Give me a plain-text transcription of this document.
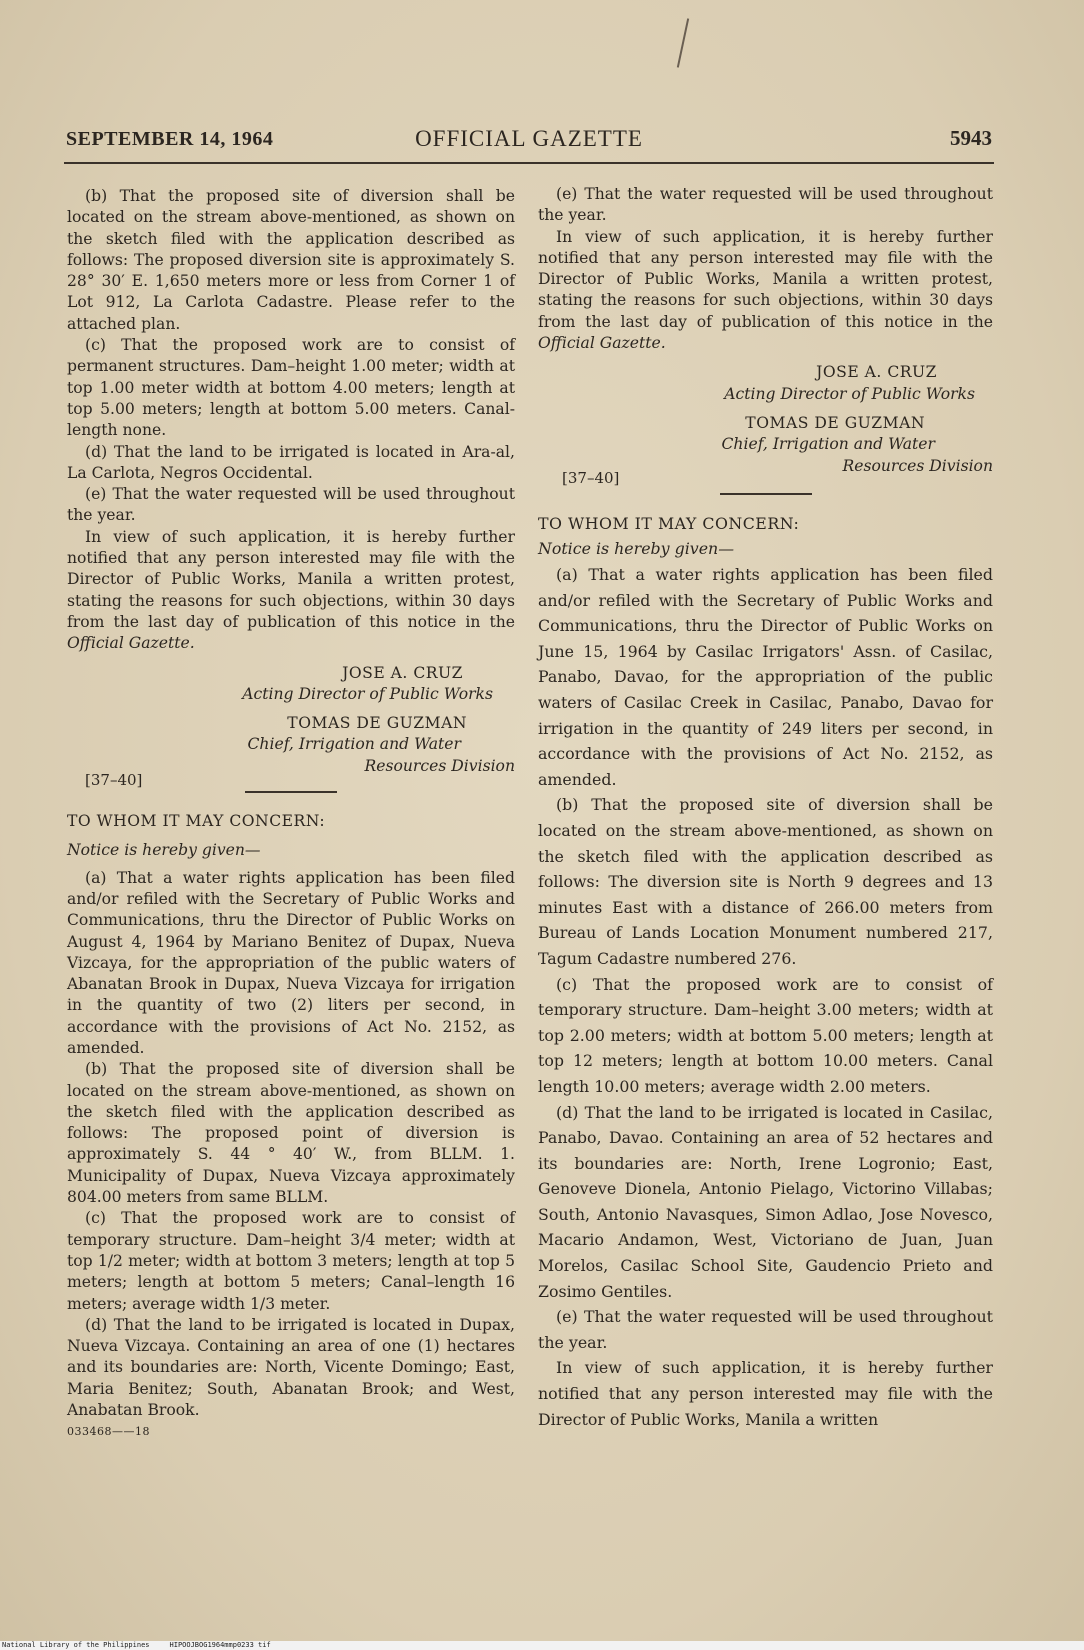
OFFICIAL GAZETTE
SEPTEMBER 14, 1964	5943

(b) That the proposed site of diversion shall be located on the stream above-mentioned, as shown on the sketch filed with the application described as follows: The proposed diversion site is approximately S. 28° 30′ E. 1,650 meters more or less from Corner 1 of Lot 912, La Carlota Cadastre. Please refer to the attached plan.

(c) That the proposed work are to consist of permanent structures. Dam–height 1.00 meter; width at top 1.00 meter width at bottom 4.00 meters; length at top 5.00 meters; length at bottom 5.00 meters. Canal-length none.

(d) That the land to be irrigated is located in Ara-al, La Carlota, Negros Occidental.

(e) That the water requested will be used throughout the year.

In view of such application, it is hereby further notified that any person interested may file with the Director of Public Works, Manila a written protest, stating the reasons for such objections, within 30 days from the last day of publication of this notice in the Official Gazette.

JOSE A. CRUZ

Acting Director of Public Works

TOMAS DE GUZMAN

Chief, Irrigation and Water

Resources Division

[37–40]

TO WHOM IT MAY CONCERN:

Notice is hereby given—

(a) That a water rights application has been filed and/or refiled with the Secretary of Public Works and Communications, thru the Director of Public Works on August 4, 1964 by Mariano Benitez of Dupax, Nueva Vizcaya, for the appropriation of the public waters of Abanatan Brook in Dupax, Nueva Vizcaya for irrigation in the quantity of two (2) liters per second, in accordance with the provisions of Act No. 2152, as amended.

(b) That the proposed site of diversion shall be located on the stream above-mentioned, as shown on the sketch filed with the application described as follows: The proposed point of diversion is approximately S. 44 ° 40′ W., from BLLM. 1. Municipality of Dupax, Nueva Vizcaya approximately 804.00 meters from same BLLM.

(c) That the proposed work are to consist of temporary structure. Dam–height 3/4 meter; width at top 1/2 meter; width at bottom 3 meters; length at top 5 meters; length at bottom 5 meters; Canal–length 16 meters; average width 1/3 meter.

(d) That the land to be irrigated is located in Dupax, Nueva Vizcaya. Containing an area of one (1) hectares and its boundaries are: North, Vicente Domingo; East, Maria Benitez; South, Abanatan Brook; and West, Anabatan Brook.

033468——18

(e) That the water requested will be used throughout the year.

In view of such application, it is hereby further notified that any person interested may file with the Director of Public Works, Manila a written protest, stating the reasons for such objections, within 30 days from the last day of publication of this notice in the Official Gazette.

JOSE A. CRUZ

Acting Director of Public Works

TOMAS DE GUZMAN

Chief, Irrigation and Water

Resources Division

[37–40]

TO WHOM IT MAY CONCERN:

Notice is hereby given—

(a) That a water rights application has been filed and/or refiled with the Secretary of Public Works and Communications, thru the Director of Public Works on June 15, 1964 by Casilac Irrigators' Assn. of Casilac, Panabo, Davao, for the appropriation of the public waters of Casilac Creek in Casilac, Panabo, Davao for irrigation in the quantity of 249 liters per second, in accordance with the provisions of Act No. 2152, as amended.

(b) That the proposed site of diversion shall be located on the stream above-mentioned, as shown on the sketch filed with the application described as follows: The diversion site is North 9 degrees and 13 minutes East with a distance of 266.00 meters from Bureau of Lands Location Monument numbered 217, Tagum Cadastre numbered 276.

(c) That the proposed work are to consist of temporary structure. Dam–height 3.00 meters; width at top 2.00 meters; width at bottom 5.00 meters; length at top 12 meters; length at bottom 10.00 meters. Canal length 10.00 meters; average width 2.00 meters.

(d) That the land to be irrigated is located in Casilac, Panabo, Davao. Containing an area of 52 hectares and its boundaries are: North, Irene Logronio; East, Genoveve Dionela, Antonio Pielago, Victorino Villabas; South, Antonio Navasques, Simon Adlao, Jose Novesco, Macario Andamon, West, Victoriano de Juan, Juan Morelos, Casilac School Site, Gaudencio Prieto and Zosimo Gentiles.

(e) That the water requested will be used throughout the year.

In view of such application, it is hereby further notified that any person interested may file with the Director of Public Works, Manila a written

National Library of the Philippines	HIPOOJBOG1964mmp0233 tif
